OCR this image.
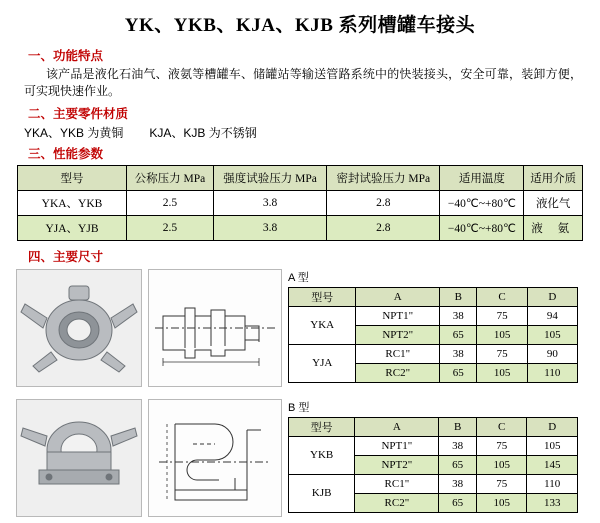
YK、YKB、KJA、KJB 系列槽罐车接头
一、功能特点
该产品是液化石油气、液氨等槽罐车、储罐站等输送管路系统中的快装接头，安全可靠，装卸方便，可实现快速作业。
二、主要零件材质
YKA、YKB 为黄铜 KJA、KJB 为不锈钢
三、性能参数
型号	公称压力 MPa	强度试验压力 MPa	密封试验压力 MPa	适用温度	适用介质
YKA、YKB	2.5	3.8	2.8	−40℃~+80℃	液化气
YJA、YJB	2.5	3.8	2.8	−40℃~+80℃	液 氨
四、主要尺寸
A 型
型号	A	B	C	D
YKA	NPT1"	38	75	94
	NPT2"	65	105	105
YJA	RC1"	38	75	90
	RC2"	65	105	110
B 型
型号	A	B	C	D
YKB	NPT1"	38	75	105
	NPT2"	65	105	145
KJB	RC1"	38	75	110
	RC2"	65	105	133
